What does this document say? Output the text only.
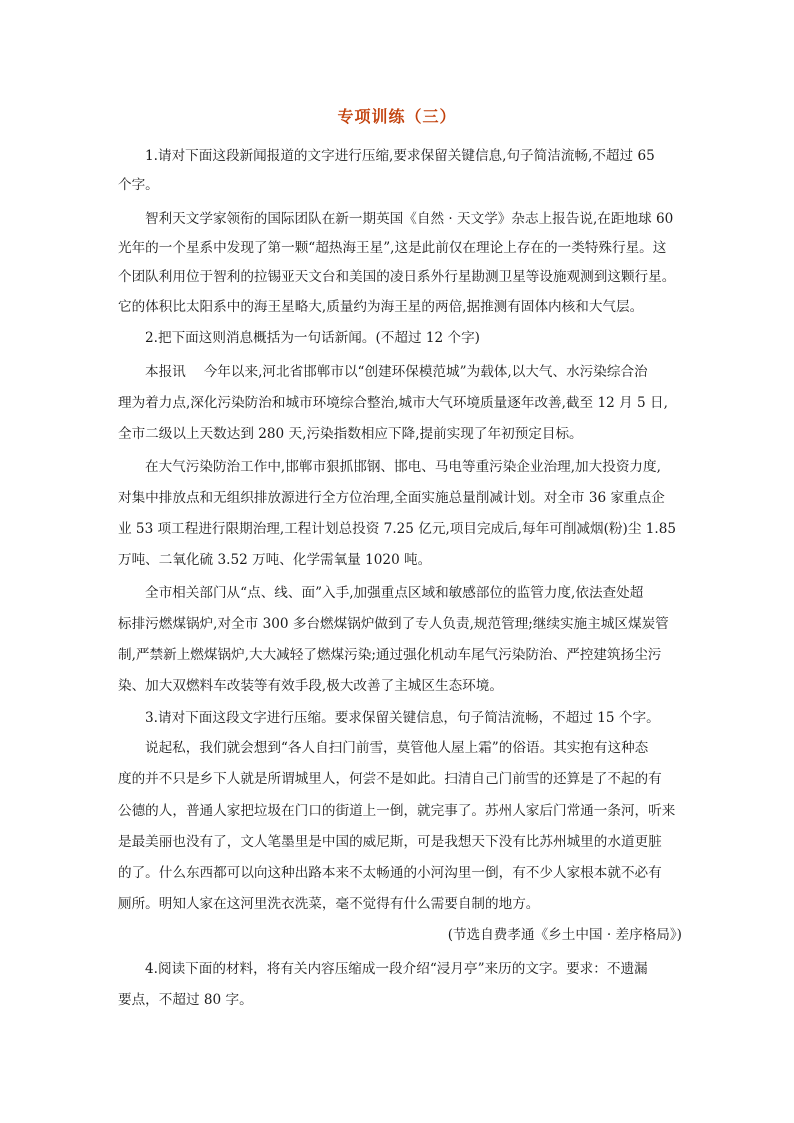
专项训练（三）
1.请对下面这段新闻报道的文字进行压缩,要求保留关键信息,句子简洁流畅,不超过 65
个字。
智利天文学家领衔的国际团队在新一期英国《自然 · 天文学》杂志上报告说,在距地球 60
光年的一个星系中发现了第一颗“超热海王星”,这是此前仅在理论上存在的一类特殊行星。这
个团队利用位于智利的拉锡亚天文台和美国的凌日系外行星勘测卫星等设施观测到这颗行星。
它的体积比太阳系中的海王星略大,质量约为海王星的两倍,据推测有固体内核和大气层。
2.把下面这则消息概括为一句话新闻。(不超过 12 个字)
本报讯　 今年以来,河北省邯郸市以“创建环保模范城”为载体,以大气、水污染综合治
理为着力点,深化污染防治和城市环境综合整治,城市大气环境质量逐年改善,截至 12 月 5 日,
全市二级以上天数达到 280 天,污染指数相应下降,提前实现了年初预定目标。
在大气污染防治工作中,邯郸市狠抓邯钢、邯电、马电等重污染企业治理,加大投资力度,
对集中排放点和无组织排放源进行全方位治理,全面实施总量削减计划。对全市 36 家重点企
业 53 项工程进行限期治理,工程计划总投资 7.25 亿元,项目完成后,每年可削减烟(粉)尘 1.85
万吨、二氧化硫 3.52 万吨、化学需氧量 1020 吨。
全市相关部门从“点、线、面”入手,加强重点区域和敏感部位的监管力度,依法查处超
标排污燃煤锅炉,对全市 300 多台燃煤锅炉做到了专人负责,规范管理;继续实施主城区煤炭管
制,严禁新上燃煤锅炉,大大减轻了燃煤污染;通过强化机动车尾气污染防治、严控建筑扬尘污
染、加大双燃料车改装等有效手段,极大改善了主城区生态环境。
3.请对下面这段文字进行压缩。要求保留关键信息，句子简洁流畅，不超过 15 个字。
说起私，我们就会想到“各人自扫门前雪，莫管他人屋上霜”的俗语。其实抱有这种态
度的并不只是乡下人就是所谓城里人，何尝不是如此。扫清自己门前雪的还算是了不起的有
公德的人，普通人家把垃圾在门口的街道上一倒，就完事了。苏州人家后门常通一条河，听来
是最美丽也没有了，文人笔墨里是中国的威尼斯，可是我想天下没有比苏州城里的水道更脏
的了。什么东西都可以向这种出路本来不太畅通的小河沟里一倒，有不少人家根本就不必有
厕所。明知人家在这河里洗衣洗菜，毫不觉得有什么需要自制的地方。
(节选自费孝通《乡土中国 · 差序格局》)
4.阅读下面的材料，将有关内容压缩成一段介绍“浸月亭”来历的文字。要求：不遗漏
要点，不超过 80 字。
